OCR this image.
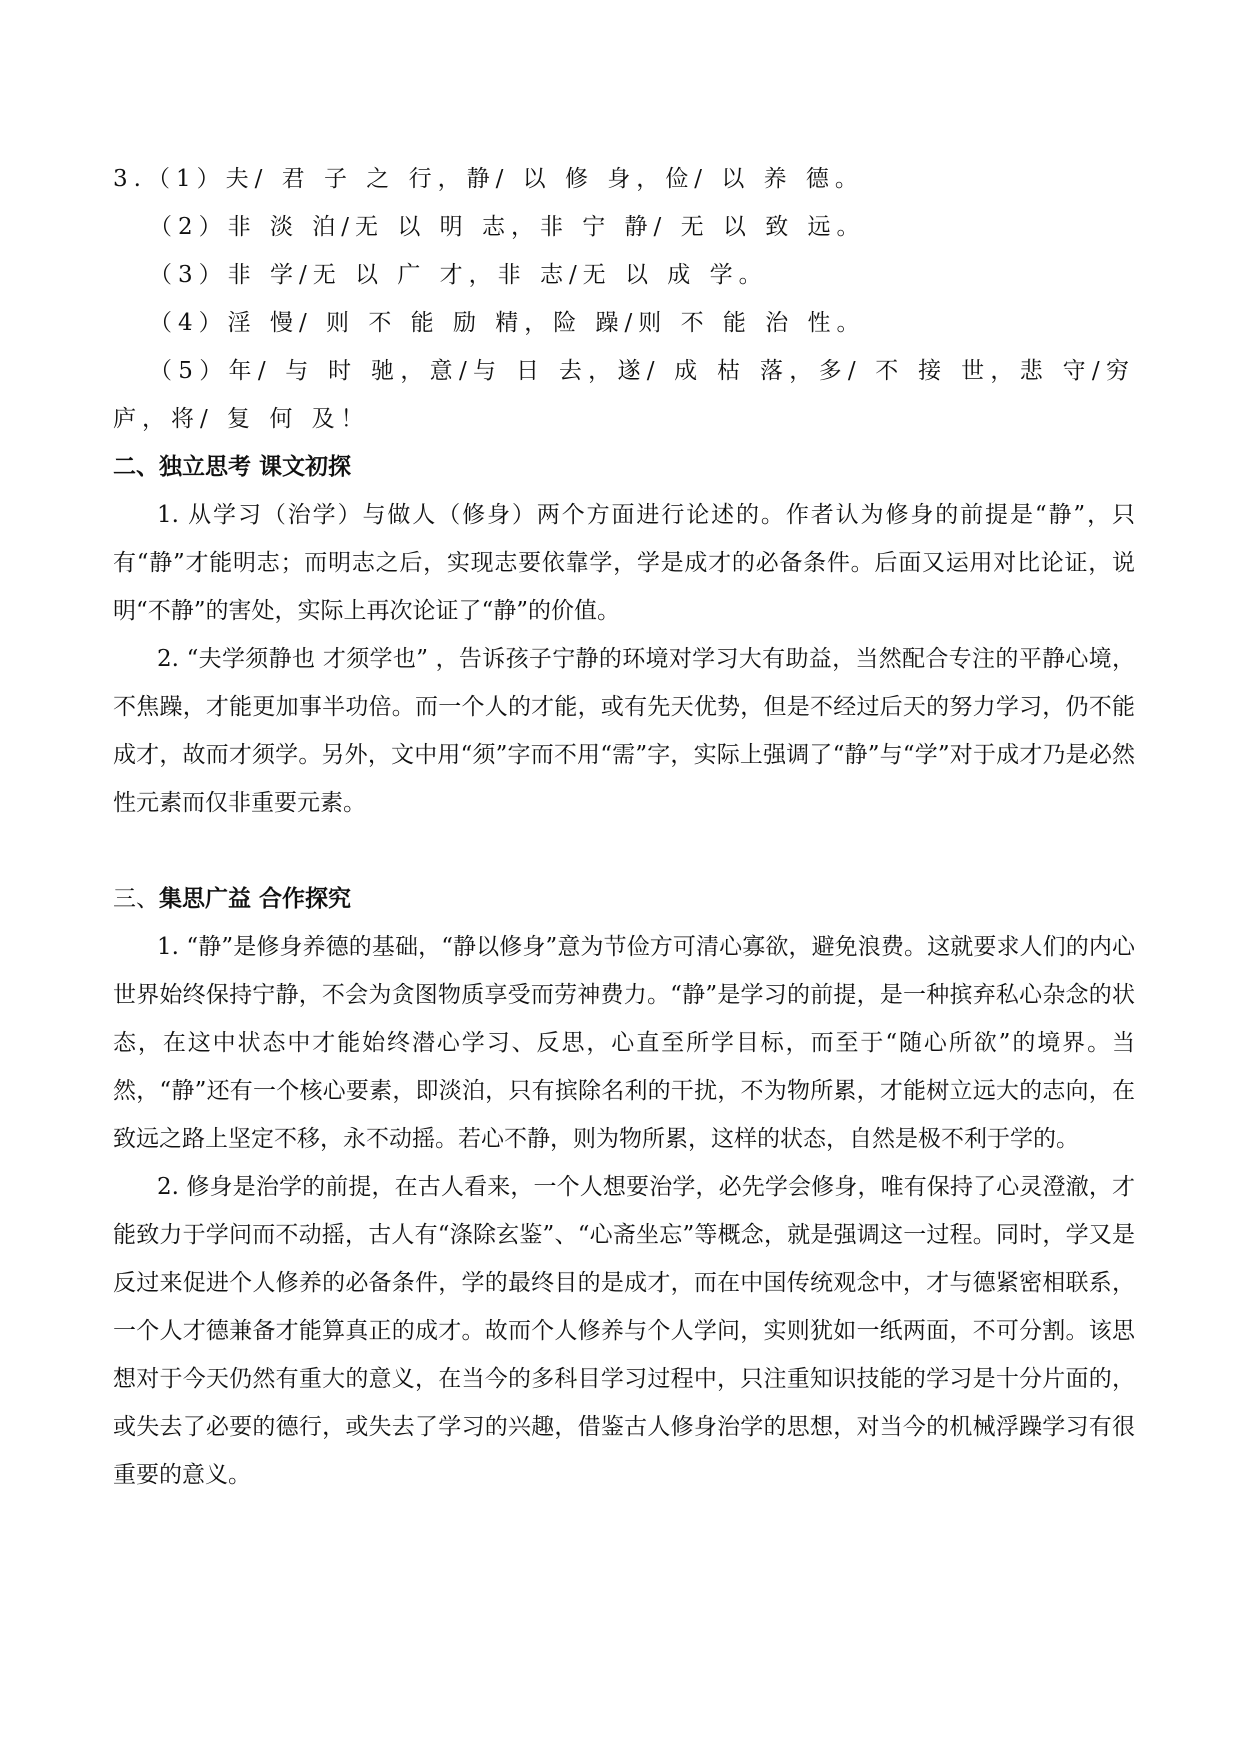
3.（1）夫/ 君 子 之 行，静/ 以 修 身，俭/ 以 养 德。

（2）非 淡 泊/无 以 明 志，非 宁 静/ 无 以 致 远。

（3）非 学/无 以 广 才，非 志/无 以 成 学。

（4）淫 慢/ 则 不 能 励 精，险 躁/则 不 能 治 性。

（5）年/ 与 时 驰，意/与 日 去，遂/ 成 枯 落，多/ 不 接 世，悲 守/穷 庐，将/ 复 何 及！

二、独立思考 课文初探

1. 从学习（治学）与做人（修身）两个方面进行论述的。作者认为修身的前提是“静”，只有“静”才能明志；而明志之后，实现志要依靠学，学是成才的必备条件。后面又运用对比论证，说明“不静”的害处，实际上再次论证了“静”的价值。

2. “夫学须静也 才须学也” ，告诉孩子宁静的环境对学习大有助益，当然配合专注的平静心境，不焦躁，才能更加事半功倍。而一个人的才能，或有先天优势，但是不经过后天的努力学习，仍不能成才，故而才须学。另外，文中用“须”字而不用“需”字，实际上强调了“静”与“学”对于成才乃是必然性元素而仅非重要元素。

三、集思广益 合作探究

1. “静”是修身养德的基础，“静以修身”意为节俭方可清心寡欲，避免浪费。这就要求人们的内心世界始终保持宁静，不会为贪图物质享受而劳神费力。“静”是学习的前提，是一种摈弃私心杂念的状态，在这中状态中才能始终潜心学习、反思，心直至所学目标，而至于“随心所欲”的境界。当然，“静”还有一个核心要素，即淡泊，只有摈除名利的干扰，不为物所累，才能树立远大的志向，在致远之路上坚定不移，永不动摇。若心不静，则为物所累，这样的状态，自然是极不利于学的。

2. 修身是治学的前提，在古人看来，一个人想要治学，必先学会修身，唯有保持了心灵澄澈，才能致力于学问而不动摇，古人有“涤除玄鉴”、“心斋坐忘”等概念，就是强调这一过程。同时，学又是反过来促进个人修养的必备条件，学的最终目的是成才，而在中国传统观念中，才与德紧密相联系，一个人才德兼备才能算真正的成才。故而个人修养与个人学问，实则犹如一纸两面，不可分割。该思想对于今天仍然有重大的意义，在当今的多科目学习过程中，只注重知识技能的学习是十分片面的，或失去了必要的德行，或失去了学习的兴趣，借鉴古人修身治学的思想，对当今的机械浮躁学习有很重要的意义。
